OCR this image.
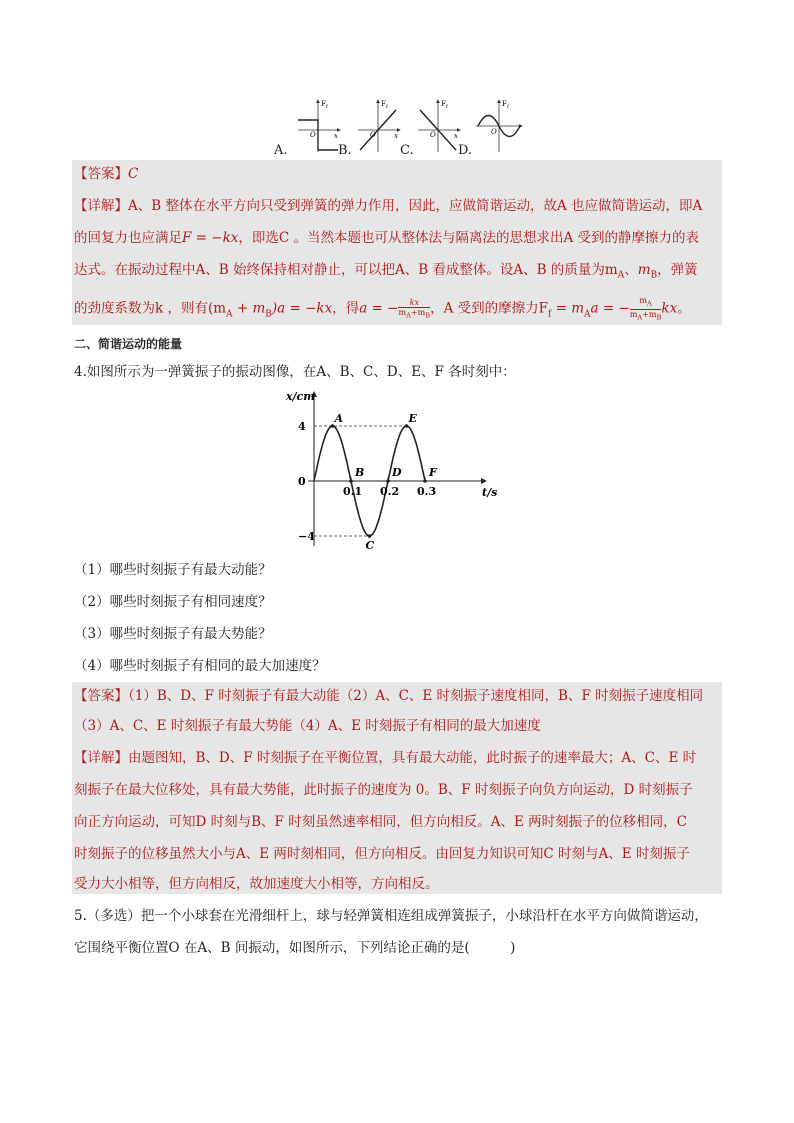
F f
O	x
F f
O	x
F f
O	x
F f
O
A.	B.	C.	D.
【答案】C
【详解】A、B 整体在水平方向只受到弹簧的弹力作用，因此，应做简谐运动，故A 也应做简谐运动，即A
的回复力也应满足F = −kx，即选C 。当然本题也可从整体法与隔离法的思想求出A 受到的静摩擦力的表
达式。在振动过程中A、B 始终保持相对静止，可以把A、B 看成整体。设A、B 的质量为$m_A$、$m_B$，弹簧
的劲度系数为k ，则有$(m_A + m_B)a = -kx$，得a = − $\frac{kx}{m_A+m_B}$ ，A 受到的摩擦力$F_f = m_Aa$ = − $\frac{m_A}{m_A+m_B}$ kx。
二、简谐运动的能量
4.如图所示为一弹簧振子的振动图像，在A、B、C、D、E、F 各时刻中：
x/cm
t/s
4
0
−4
0.1 0.2 0.3
A
B
C
D
E
F
（1）哪些时刻振子有最大动能？
（2）哪些时刻振子有相同速度？
（3）哪些时刻振子有最大势能？
（4）哪些时刻振子有相同的最大加速度？
【答案】（1）B、D、F 时刻振子有最大动能（2）A、C、E 时刻振子速度相同，B、F 时刻振子速度相同
（3）A、C、E 时刻振子有最大势能（4）A、E 时刻振子有相同的最大加速度
【详解】由题图知，B、D、F 时刻振子在平衡位置，具有最大动能，此时振子的速率最大；A、C、E 时
刻振子在最大位移处，具有最大势能，此时振子的速度为 0。B、F 时刻振子向负方向运动，D 时刻振子
向正方向运动，可知D 时刻与B、F 时刻虽然速率相同，但方向相反。A、E 两时刻振子的位移相同，C
时刻振子的位移虽然大小与A、E 两时刻相同，但方向相反。由回复力知识可知C 时刻与A、E 时刻振子
受力大小相等，但方向相反，故加速度大小相等，方向相反。
5.（多选）把一个小球套在光滑细杆上，球与轻弹簧相连组成弹簧振子，小球沿杆在水平方向做简谐运动，
它围绕平衡位置O 在A、B 间振动，如图所示，下列结论正确的是(　　　)
